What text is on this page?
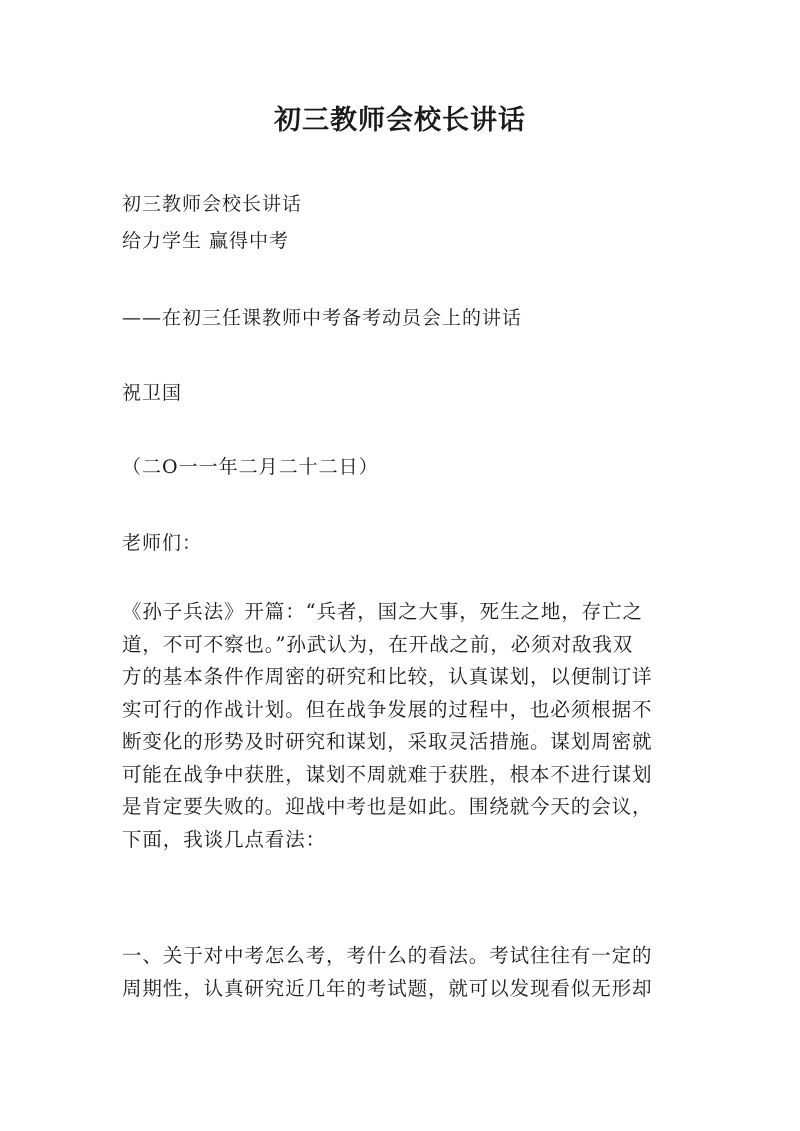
初三教师会校长讲话
初三教师会校长讲话
给力学生 赢得中考
——在初三任课教师中考备考动员会上的讲话
祝卫国
（二O一一年二月二十二日）
老师们：
《孙子兵法》开篇：“兵者，国之大事，死生之地，存亡之
道，不可不察也。”孙武认为，在开战之前，必须对敌我双
方的基本条件作周密的研究和比较，认真谋划，以便制订详
实可行的作战计划。但在战争发展的过程中，也必须根据不
断变化的形势及时研究和谋划，采取灵活措施。谋划周密就
可能在战争中获胜，谋划不周就难于获胜，根本不进行谋划
是肯定要失败的。迎战中考也是如此。围绕就今天的会议，
下面，我谈几点看法：
一、关于对中考怎么考，考什么的看法。考试往往有一定的
周期性，认真研究近几年的考试题，就可以发现看似无形却
